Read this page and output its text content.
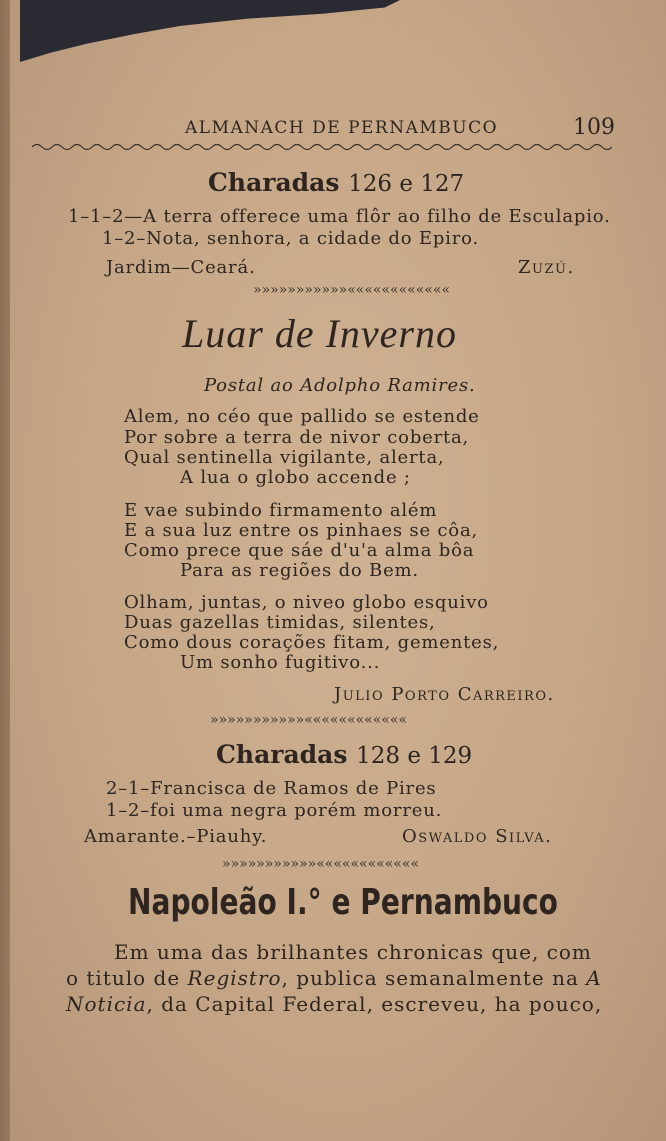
ALMANACH DE PERNAMBUCO	109
Charadas 126 e 127
1–1–2—A terra offerece uma flôr ao filho de Esculapio.
1–2–Nota, senhora, a cidade do Epiro.
Jardim—Ceará.	Zuzú.
»»»»»»»»»»»««««««««««««
Luar de Inverno
Postal ao Adolpho Ramires.
Alem, no céo que pallido se estende
Por sobre a terra de nivor coberta,
Qual sentinella vigilante, alerta,
A lua o globo accende ;
E vae subindo firmamento além
E a sua luz entre os pinhaes se côa,
Como prece que sáe d'u'a alma bôa
Para as regiões do Bem.
Olham, juntas, o niveo globo esquivo
Duas gazellas timidas, silentes,
Como dous corações fitam, gementes,
Um sonho fugitivo...
Julio Porto Carreiro.
»»»»»»»»»»»««««««««««««
Charadas 128 e 129
2–1–Francisca de Ramos de Pires
1–2–foi uma negra porém morreu.
Amarante.–Piauhy.	Oswaldo Silva.
»»»»»»»»»»»««««««««««««
Napoleão I.° e Pernambuco
Em uma das brilhantes chronicas que, com
o titulo de Registro, publica semanalmente na A
Noticia, da Capital Federal, escreveu, ha pouco,
